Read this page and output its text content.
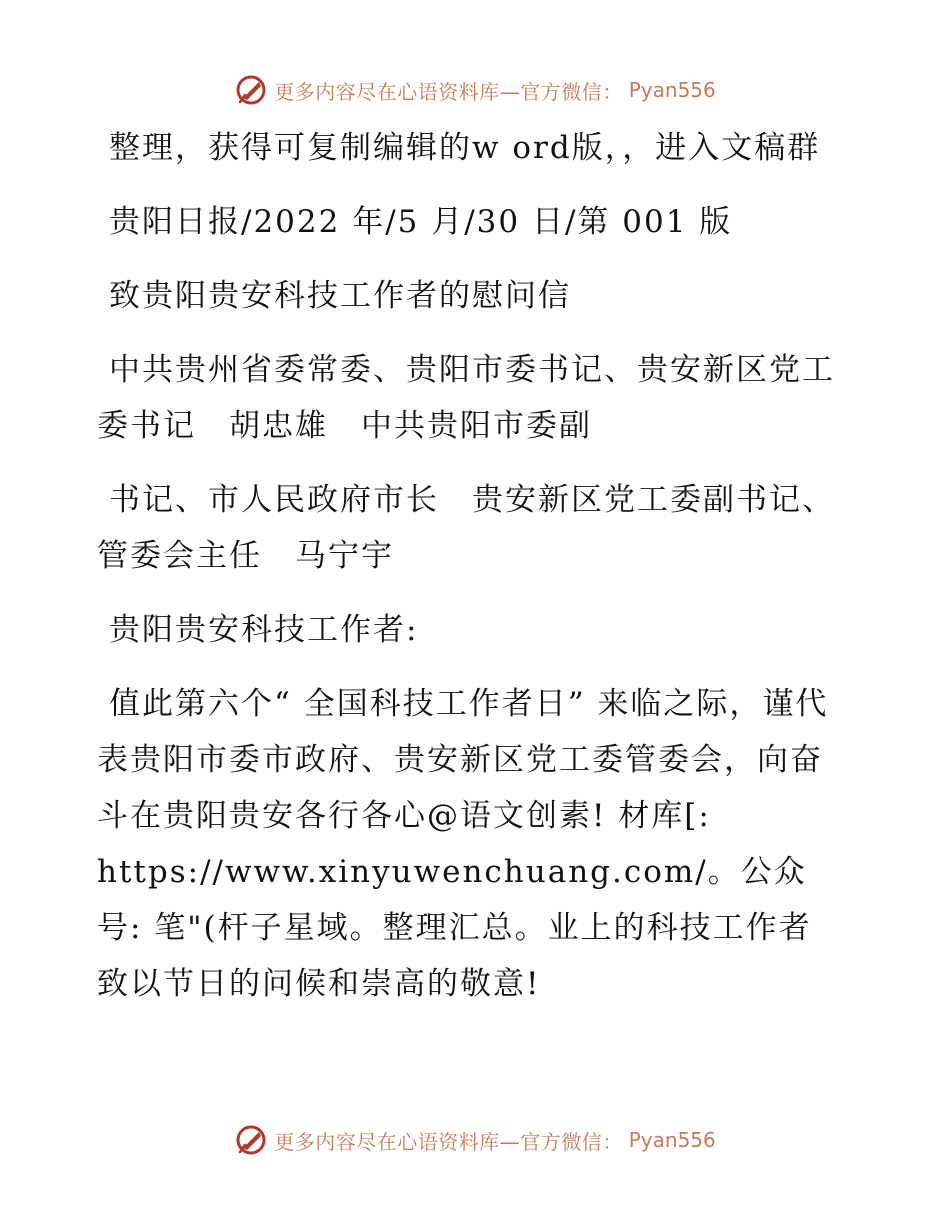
更多内容尽在心语资料库—官方微信： Pyan556

整理，获得可复制编辑的w ord版，，进入文稿群

贵阳日报/2022 年/5 月/30 日/第 001 版

致贵阳贵安科技工作者的慰问信

中共贵州省委常委、贵阳市委书记、贵安新区党工委书记　胡忠雄　中共贵阳市委副

书记、市人民政府市长　贵安新区党工委副书记、管委会主任　马宁宇

贵阳贵安科技工作者:

值此第六个“ 全国科技工作者日” 来临之际，谨代表贵阳市委市政府、贵安新区党工委管委会，向奋斗在贵阳贵安各行各心@语文创素! 材库[: https://www.xinyuwenchuang.com/。公众号: 笔"(杆子星域。整理汇总。业上的科技工作者致以节日的问候和崇高的敬意!

更多内容尽在心语资料库—官方微信： Pyan556
